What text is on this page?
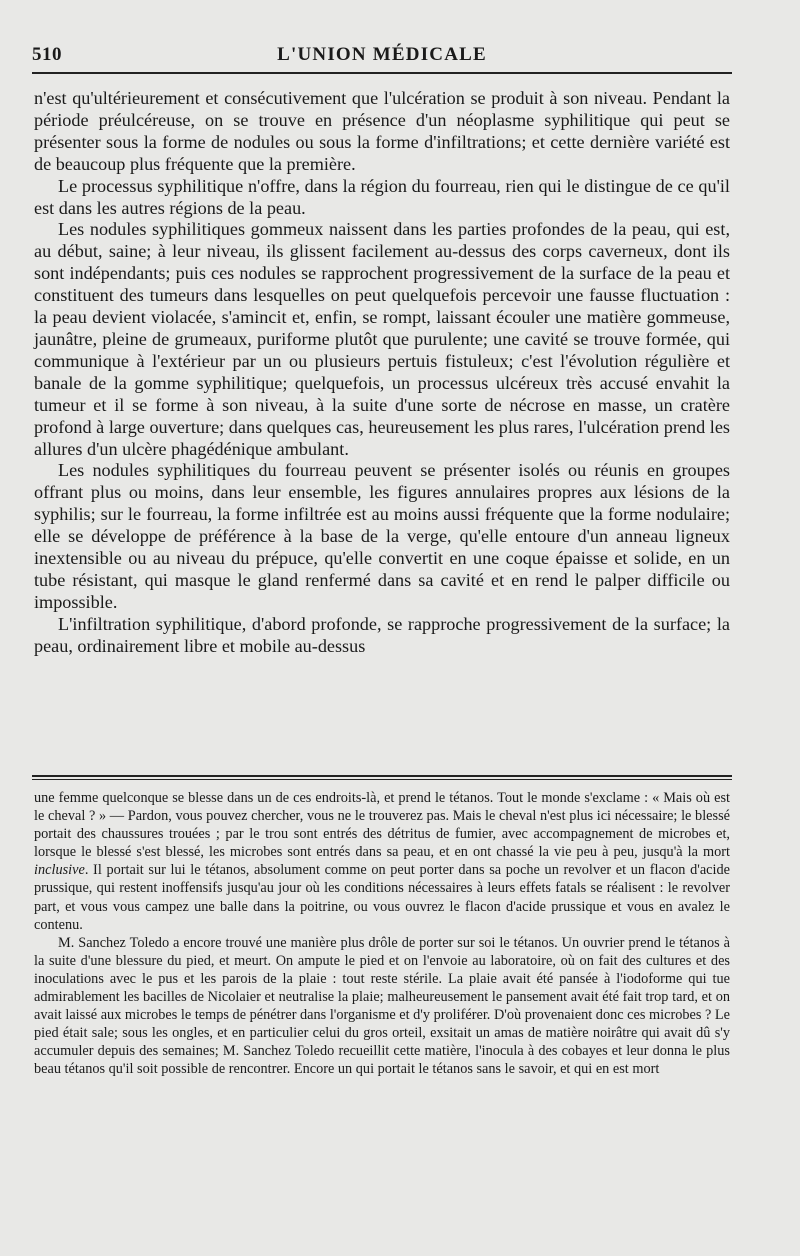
510	L'UNION MÉDICALE

n'est qu'ultérieurement et consécutivement que l'ulcération se produit à son niveau. Pendant la période préulcéreuse, on se trouve en présence d'un néoplasme syphilitique qui peut se présenter sous la forme de nodules ou sous la forme d'infiltrations; et cette dernière variété est de beaucoup plus fréquente que la première.

Le processus syphilitique n'offre, dans la région du fourreau, rien qui le distingue de ce qu'il est dans les autres régions de la peau.

Les nodules syphilitiques gommeux naissent dans les parties profondes de la peau, qui est, au début, saine; à leur niveau, ils glissent facilement au-dessus des corps caverneux, dont ils sont indépendants; puis ces nodules se rapprochent progressivement de la surface de la peau et constituent des tumeurs dans lesquelles on peut quelquefois percevoir une fausse fluctuation : la peau devient violacée, s'amincit et, enfin, se rompt, laissant écouler une matière gommeuse, jaunâtre, pleine de grumeaux, puriforme plutôt que purulente; une cavité se trouve formée, qui communique à l'extérieur par un ou plusieurs pertuis fistuleux; c'est l'évolution régulière et banale de la gomme syphilitique; quelquefois, un processus ulcéreux très accusé envahit la tumeur et il se forme à son niveau, à la suite d'une sorte de nécrose en masse, un cratère profond à large ouverture; dans quelques cas, heureusement les plus rares, l'ulcération prend les allures d'un ulcère phagédénique ambulant.

Les nodules syphilitiques du fourreau peuvent se présenter isolés ou réunis en groupes offrant plus ou moins, dans leur ensemble, les figures annulaires propres aux lésions de la syphilis; sur le fourreau, la forme infiltrée est au moins aussi fréquente que la forme nodulaire; elle se développe de préférence à la base de la verge, qu'elle entoure d'un anneau ligneux inextensible ou au niveau du prépuce, qu'elle convertit en une coque épaisse et solide, en un tube résistant, qui masque le gland renfermé dans sa cavité et en rend le palper difficile ou impossible.

L'infiltration syphilitique, d'abord profonde, se rapproche progressivement de la surface; la peau, ordinairement libre et mobile au-dessus

une femme quelconque se blesse dans un de ces endroits-là, et prend le tétanos. Tout le monde s'exclame : « Mais où est le cheval ? » — Pardon, vous pouvez chercher, vous ne le trouverez pas. Mais le cheval n'est plus ici nécessaire; le blessé portait des chaussures trouées ; par le trou sont entrés des détritus de fumier, avec accompagnement de microbes et, lorsque le blessé s'est blessé, les microbes sont entrés dans sa peau, et en ont chassé la vie peu à peu, jusqu'à la mort inclusive. Il portait sur lui le tétanos, absolument comme on peut porter dans sa poche un revolver et un flacon d'acide prussique, qui restent inoffensifs jusqu'au jour où les conditions nécessaires à leurs effets fatals se réalisent : le revolver part, et vous vous campez une balle dans la poitrine, ou vous ouvrez le flacon d'acide prussique et vous en avalez le contenu.

M. Sanchez Toledo a encore trouvé une manière plus drôle de porter sur soi le tétanos. Un ouvrier prend le tétanos à la suite d'une blessure du pied, et meurt. On ampute le pied et on l'envoie au laboratoire, où on fait des cultures et des inoculations avec le pus et les parois de la plaie : tout reste stérile. La plaie avait été pansée à l'iodoforme qui tue admirablement les bacilles de Nicolaier et neutralise la plaie; malheureusement le pansement avait été fait trop tard, et on avait laissé aux microbes le temps de pénétrer dans l'organisme et d'y proliférer. D'où provenaient donc ces microbes ? Le pied était sale; sous les ongles, et en particulier celui du gros orteil, exsitait un amas de matière noirâtre qui avait dû s'y accumuler depuis des semaines; M. Sanchez Toledo recueillit cette matière, l'inocula à des cobayes et leur donna le plus beau tétanos qu'il soit possible de rencontrer. Encore un qui portait le tétanos sans le savoir, et qui en est mort
